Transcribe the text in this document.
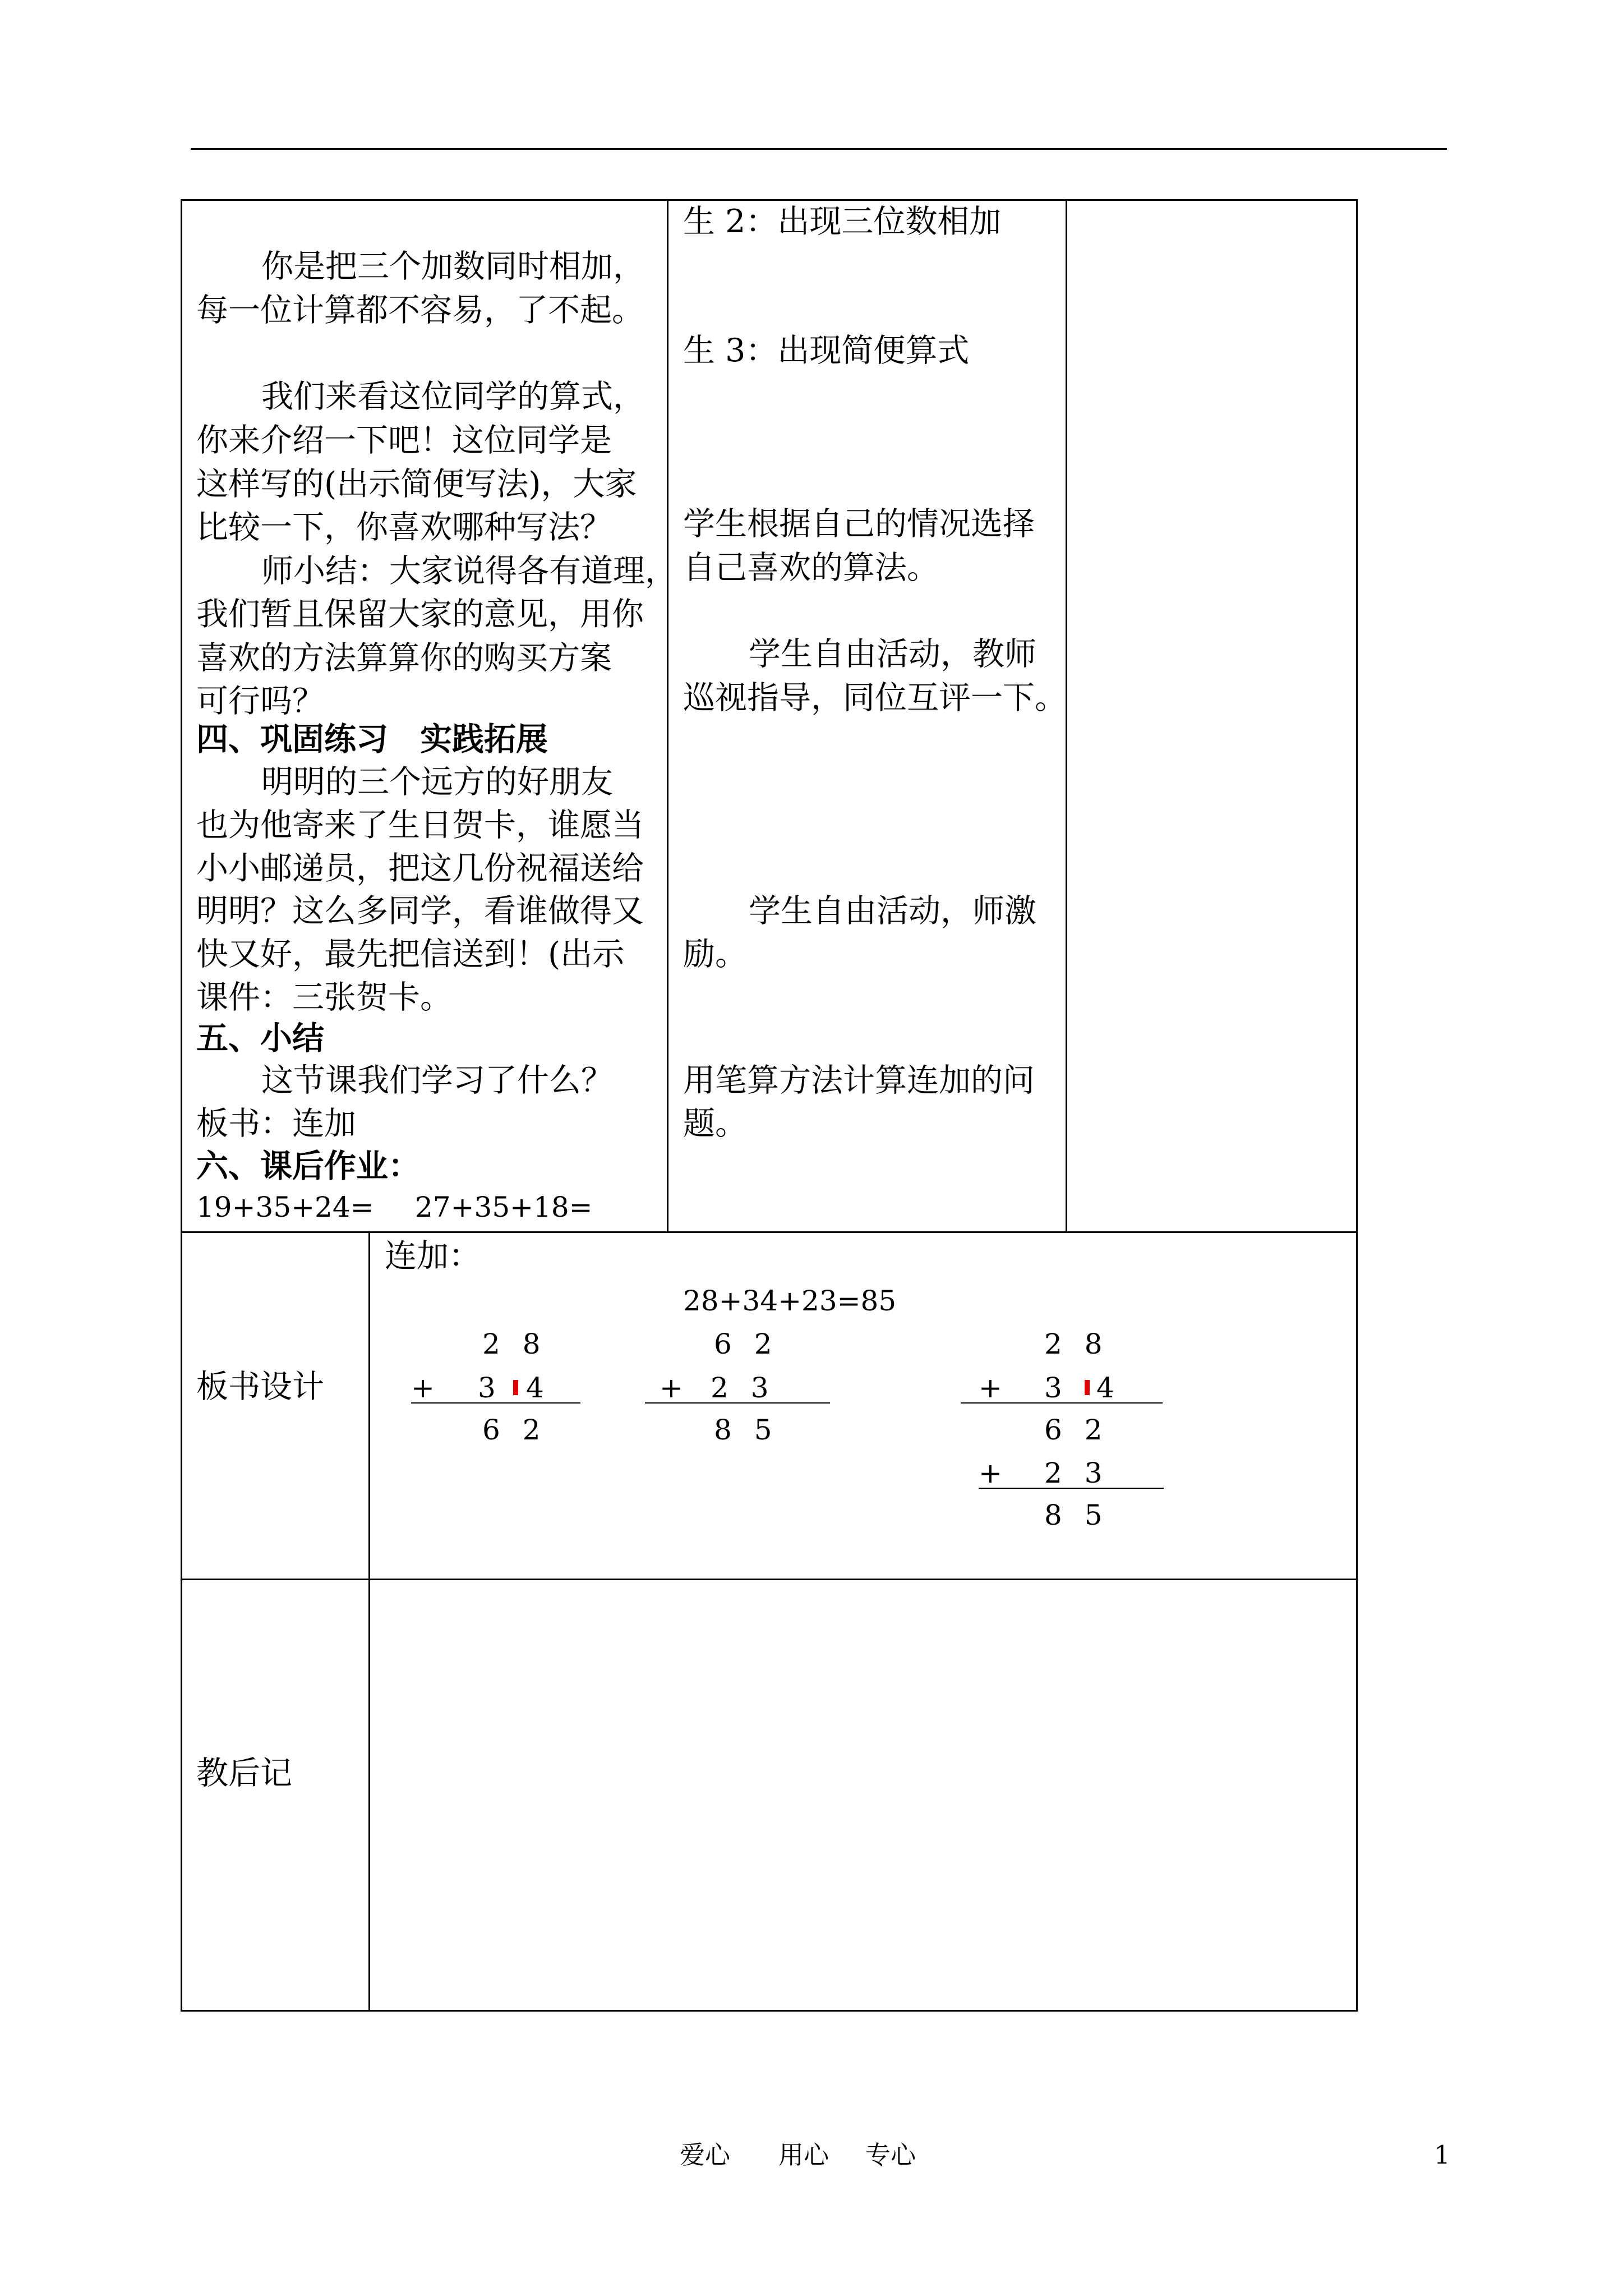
你是把三个加数同时相加，
每一位计算都不容易，了不起。
我们来看这位同学的算式，
你来介绍一下吧！这位同学是
这样写的(出示简便写法)，大家
比较一下，你喜欢哪种写法？
师小结：大家说得各有道理，
我们暂且保留大家的意见，用你
喜欢的方法算算你的购买方案
可行吗？
四、巩固练习　实践拓展
明明的三个远方的好朋友
也为他寄来了生日贺卡，谁愿当
小小邮递员，把这几份祝福送给
明明？这么多同学，看谁做得又
快又好，最先把信送到！(出示
课件：三张贺卡。
五、小结
这节课我们学习了什么？
板书：连加
六、课后作业：
19+35+24= 27+35+18=
生 2：出现三位数相加
生 3：出现简便算式
学生根据自己的情况选择
自己喜欢的算法。
学生自由活动，教师
巡视指导，同位互评一下。
学生自由活动，师激
励。
用笔算方法计算连加的问
题。
板书设计
连加：
28+34+23=85
2 8
+ 3 4
6 2
6 2
+ 2 3
8 5
2 8
+ 3 4
6 2
+ 2 3
8 5
教后记
爱心 用心 专心	1
